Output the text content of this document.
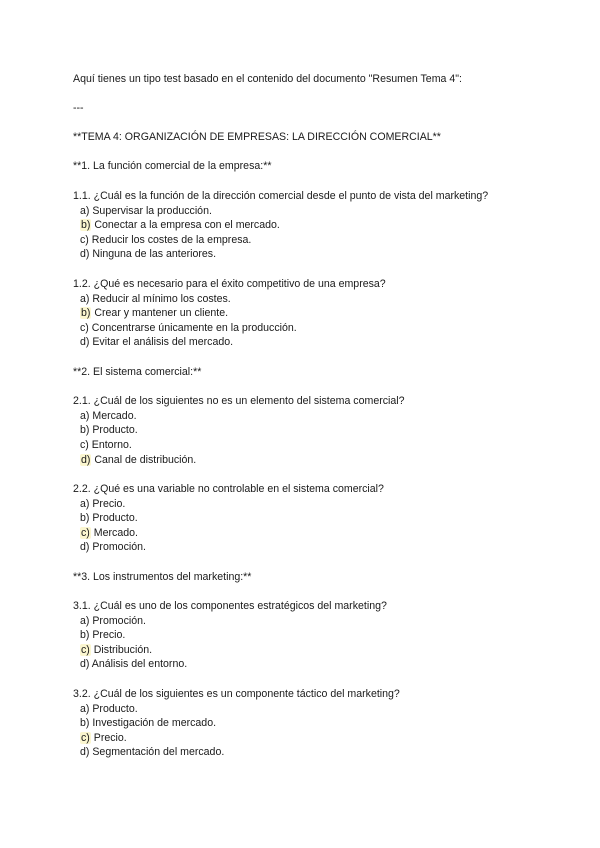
Aquí tienes un tipo test basado en el contenido del documento "Resumen Tema 4":
---
**TEMA 4: ORGANIZACIÓN DE EMPRESAS: LA DIRECCIÓN COMERCIAL**
**1. La función comercial de la empresa:**
1.1. ¿Cuál es la función de la dirección comercial desde el punto de vista del marketing?
a) Supervisar la producción.
b) Conectar a la empresa con el mercado.
c) Reducir los costes de la empresa.
d) Ninguna de las anteriores.
1.2. ¿Qué es necesario para el éxito competitivo de una empresa?
a) Reducir al mínimo los costes.
b) Crear y mantener un cliente.
c) Concentrarse únicamente en la producción.
d) Evitar el análisis del mercado.
**2. El sistema comercial:**
2.1. ¿Cuál de los siguientes no es un elemento del sistema comercial?
a) Mercado.
b) Producto.
c) Entorno.
d) Canal de distribución.
2.2. ¿Qué es una variable no controlable en el sistema comercial?
a) Precio.
b) Producto.
c) Mercado.
d) Promoción.
**3. Los instrumentos del marketing:**
3.1. ¿Cuál es uno de los componentes estratégicos del marketing?
a) Promoción.
b) Precio.
c) Distribución.
d) Análisis del entorno.
3.2. ¿Cuál de los siguientes es un componente táctico del marketing?
a) Producto.
b) Investigación de mercado.
c) Precio.
d) Segmentación del mercado.
